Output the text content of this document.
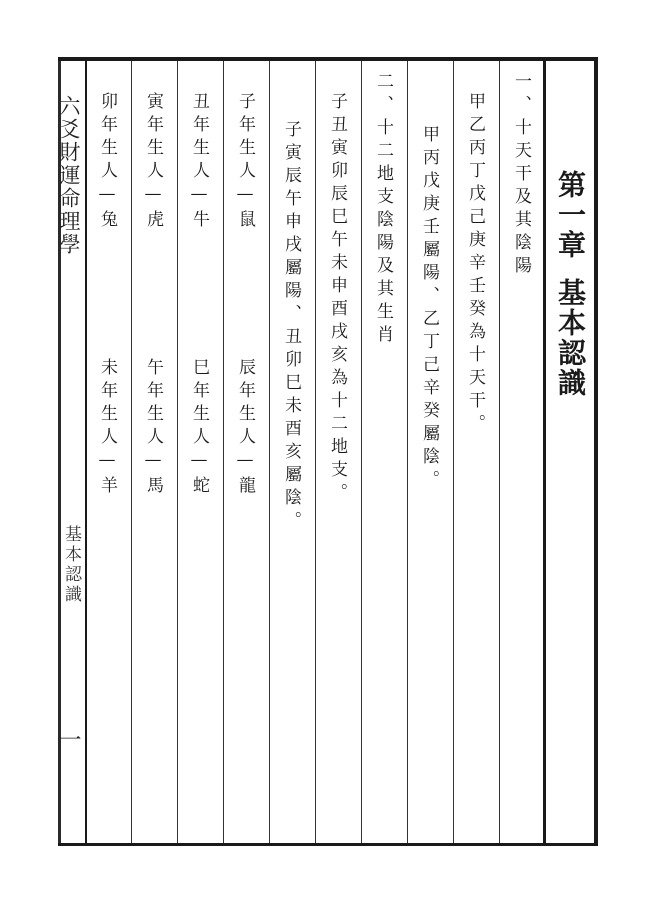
六爻財運命理學
基本認識
一
第一章基本認識
一、十天干及其陰陽
甲乙丙丁戊己庚辛壬癸為十天干。
甲丙戊庚壬屬陽、乙丁己辛癸屬陰。
二、十二地支陰陽及其生肖
子丑寅卯辰巳午未申酉戌亥為十二地支。
子寅辰午申戌屬陽、丑卯巳未酉亥屬陰。
子年生人—鼠
辰年生人—龍
丑年生人—牛
巳年生人—蛇
寅年生人—虎
午年生人—馬
卯年生人—兔
未年生人—羊
